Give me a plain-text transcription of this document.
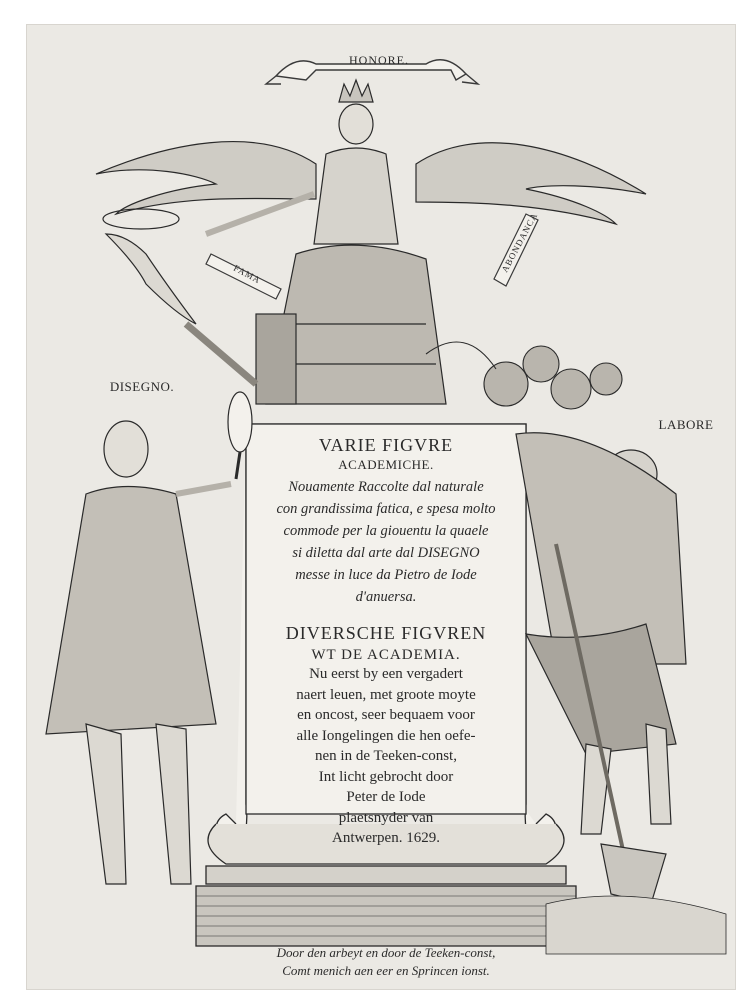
HONORE.
FAMA
ABONDANCA
DISEGNO.
LABORE
VARIE FIGVRE
ACADEMICHE.
Nouamente Raccolte dal naturale
con grandissima fatica, e spesa molto
commode per la giouentu la quaele
si diletta dal arte dal DISEGNO
messe in luce da Pietro de Iode
d'anuersa.
DIVERSCHE FIGVREN
WT DE ACADEMIA.
Nu eerst by een vergadert
naert leuen, met groote moyte
en oncost, seer bequaem voor
alle Iongelingen die hen oefe-
nen in de Teeken-const,
Int licht gebrocht door
Peter de Iode
plaetsnyder van
Antwerpen. 1629.
Door den arbeyt en door de Teeken-const,
Comt menich aen eer en Sprincen ionst.
